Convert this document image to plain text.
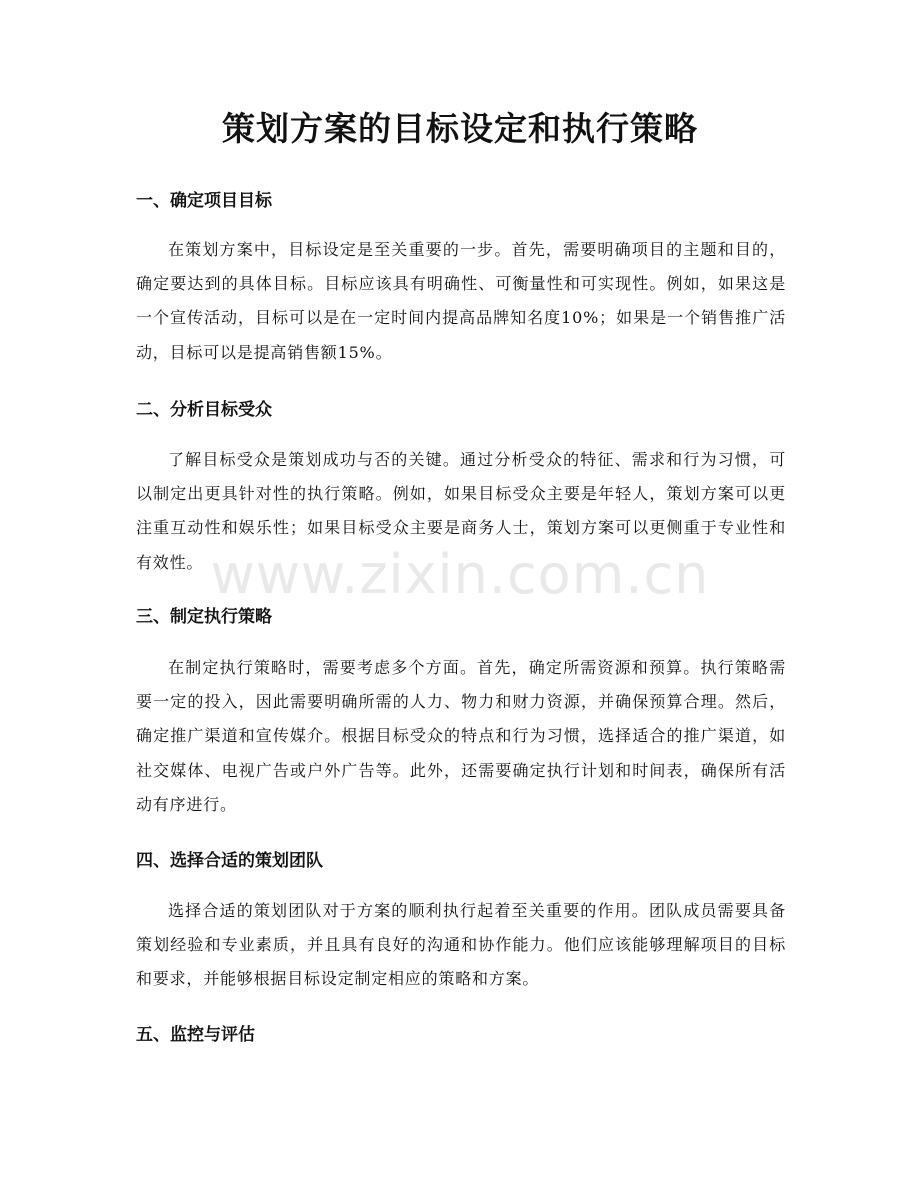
策划方案的目标设定和执行策略
一、确定项目目标

在策划方案中，目标设定是至关重要的一步。首先，需要明确项目的主题和目的，确定要达到的具体目标。目标应该具有明确性、可衡量性和可实现性。例如，如果这是一个宣传活动，目标可以是在一定时间内提高品牌知名度10%；如果是一个销售推广活动，目标可以是提高销售额15%。

二、分析目标受众

了解目标受众是策划成功与否的关键。通过分析受众的特征、需求和行为习惯，可以制定出更具针对性的执行策略。例如，如果目标受众主要是年轻人，策划方案可以更注重互动性和娱乐性；如果目标受众主要是商务人士，策划方案可以更侧重于专业性和有效性。

三、制定执行策略

在制定执行策略时，需要考虑多个方面。首先，确定所需资源和预算。执行策略需要一定的投入，因此需要明确所需的人力、物力和财力资源，并确保预算合理。然后，确定推广渠道和宣传媒介。根据目标受众的特点和行为习惯，选择适合的推广渠道，如社交媒体、电视广告或户外广告等。此外，还需要确定执行计划和时间表，确保所有活动有序进行。

四、选择合适的策划团队

选择合适的策划团队对于方案的顺利执行起着至关重要的作用。团队成员需要具备策划经验和专业素质，并且具有良好的沟通和协作能力。他们应该能够理解项目的目标和要求，并能够根据目标设定制定相应的策略和方案。

五、监控与评估
www.zixin.com.cn
